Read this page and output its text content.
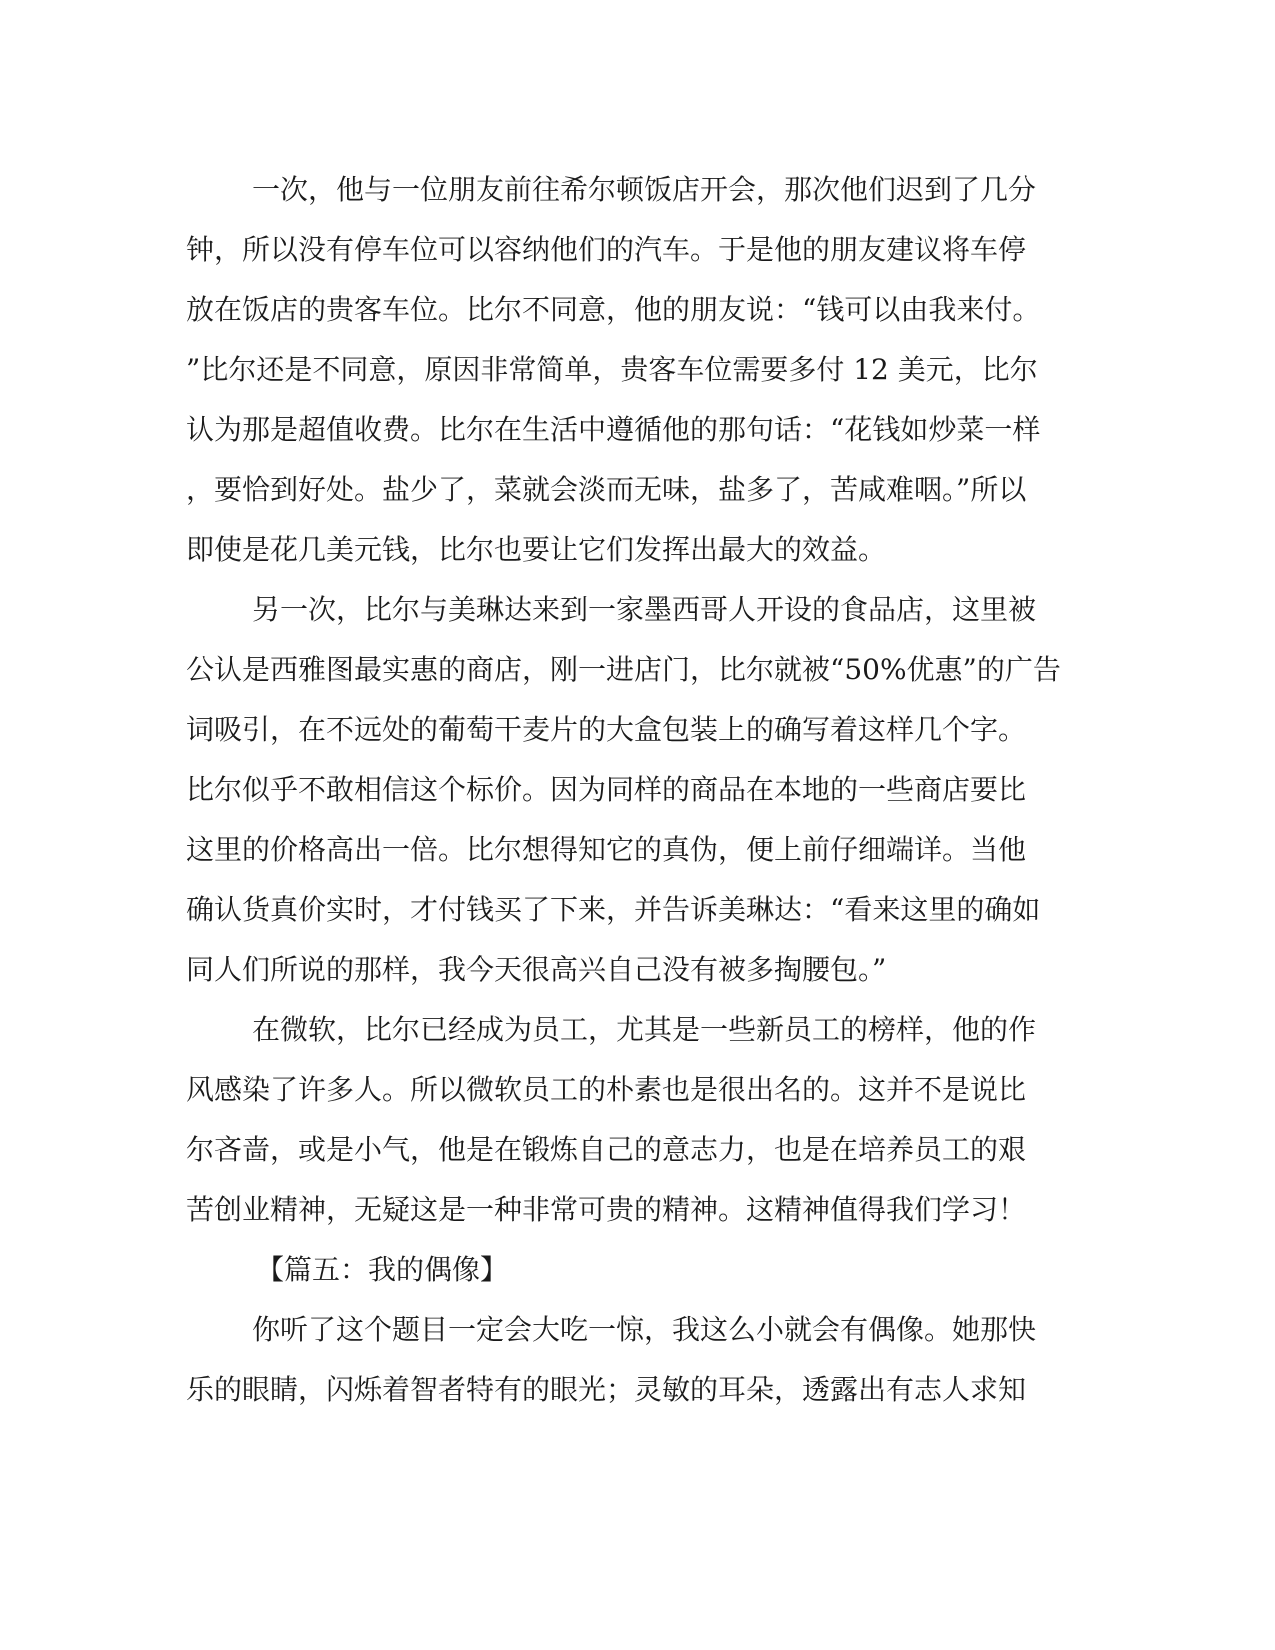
一次，他与一位朋友前往希尔顿饭店开会，那次他们迟到了几分
钟，所以没有停车位可以容纳他们的汽车。于是他的朋友建议将车停
放在饭店的贵客车位。比尔不同意，他的朋友说：“钱可以由我来付。
”比尔还是不同意，原因非常简单，贵客车位需要多付 12 美元，比尔
认为那是超值收费。比尔在生活中遵循他的那句话：“花钱如炒菜一样
，要恰到好处。盐少了，菜就会淡而无味，盐多了，苦咸难咽。”所以
即使是花几美元钱，比尔也要让它们发挥出最大的效益。
另一次，比尔与美琳达来到一家墨西哥人开设的食品店，这里被
公认是西雅图最实惠的商店，刚一进店门，比尔就被“50%优惠”的广告
词吸引，在不远处的葡萄干麦片的大盒包装上的确写着这样几个字。
比尔似乎不敢相信这个标价。因为同样的商品在本地的一些商店要比
这里的价格高出一倍。比尔想得知它的真伪，便上前仔细端详。当他
确认货真价实时，才付钱买了下来，并告诉美琳达：“看来这里的确如
同人们所说的那样，我今天很高兴自己没有被多掏腰包。”
在微软，比尔已经成为员工，尤其是一些新员工的榜样，他的作
风感染了许多人。所以微软员工的朴素也是很出名的。这并不是说比
尔吝啬，或是小气，他是在锻炼自己的意志力，也是在培养员工的艰
苦创业精神，无疑这是一种非常可贵的精神。这精神值得我们学习！
【篇五：我的偶像】
你听了这个题目一定会大吃一惊，我这么小就会有偶像。她那快
乐的眼睛，闪烁着智者特有的眼光；灵敏的耳朵，透露出有志人求知
